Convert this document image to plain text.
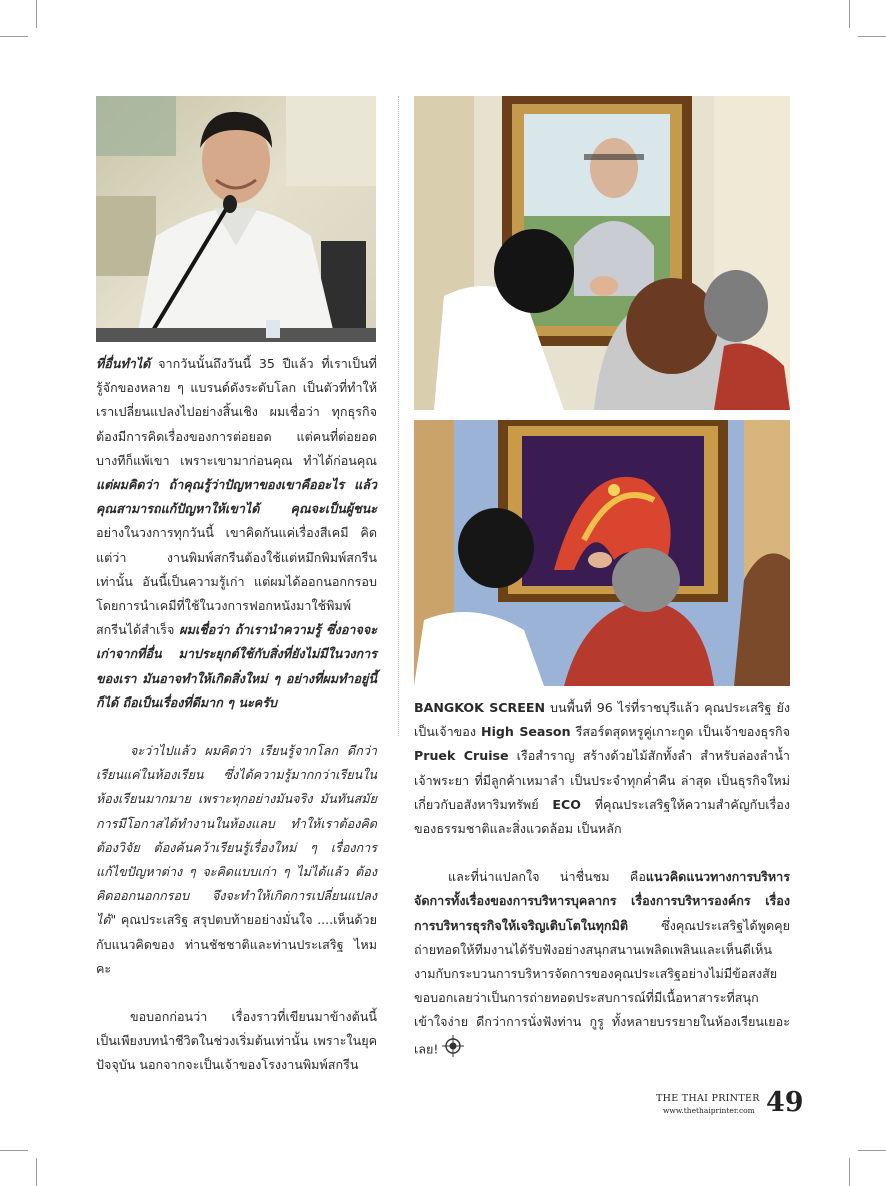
ที่อื่นทำได้ จากวันนั้นถึงวันนี้ 35 ปีแล้ว ที่เราเป็นที่รู้จักของหลาย ๆ แบรนด์ดังระดับโลก เป็นตัวที่ทำให้เราเปลี่ยนแปลงไปอย่างสิ้นเชิง ผมเชื่อว่า ทุกธุรกิจ ต้องมีการคิดเรื่องของการต่อยอด แต่คนที่ต่อยอดบางทีก็แพ้เขา เพราะเขามาก่อนคุณ ทำได้ก่อนคุณ แต่ผมคิดว่า ถ้าคุณรู้ว่าปัญหาของเขาคืออะไร แล้วคุณสามารถแก้ปัญหาให้เขาได้ คุณจะเป็นผู้ชนะ อย่างในวงการทุกวันนี้ เขาคิดกันแค่เรื่องสีเคมี คิดแต่ว่า งานพิมพ์สกรีนต้องใช้แต่หมึกพิมพ์สกรีนเท่านั้น อันนี้เป็นความรู้เก่า แต่ผมได้ออกนอกกรอบ โดยการนำเคมีที่ใช้ในวงการฟอกหนังมาใช้พิมพ์สกรีนได้สำเร็จ ผมเชื่อว่า ถ้าเรานำความรู้ ซึ่งอาจจะเก่าจากที่อื่น มาประยุกต์ใช้กับสิ่งที่ยังไม่มีในวงการของเรา มันอาจทำให้เกิดสิ่งใหม่ ๆ อย่างที่ผมทำอยู่นี้ก็ได้ ถือเป็นเรื่องที่ดีมาก ๆ นะครับ

จะว่าไปแล้ว ผมคิดว่า เรียนรู้จากโลก ดีกว่าเรียนแค่ในห้องเรียน ซึ่งได้ความรู้มากกว่าเรียนในห้องเรียนมากมาย เพราะทุกอย่างมันจริง มันทันสมัย การมีโอกาสได้ทำงานในห้องแลบ ทำให้เราต้องคิด ต้องวิจัย ต้องค้นคว้าเรียนรู้เรื่องใหม่ ๆ เรื่องการแก้ไขปัญหาต่าง ๆ จะคิดแบบเก่า ๆ ไม่ได้แล้ว ต้องคิดออกนอกกรอบ จึงจะทำให้เกิดการเปลี่ยนแปลงได้" คุณประเสริฐ สรุปตบท้ายอย่างมั่นใจ ....เห็นด้วยกับแนวคิดของ ท่านชัชชาติและท่านประเสริฐ ไหมคะ

ขอบอกก่อนว่า เรื่องราวที่เขียนมาข้างต้นนี้เป็นเพียงบทนำชีวิตในช่วงเริ่มต้นเท่านั้น เพราะในยุคปัจจุบัน นอกจากจะเป็นเจ้าของโรงงานพิมพ์สกรีน

BANGKOK SCREEN บนพื้นที่ 96 ไร่ที่ราชบุรีแล้ว คุณประเสริฐ ยังเป็นเจ้าของ High Season รีสอร์ตสุดหรูคู่เกาะกูด เป็นเจ้าของธุรกิจ Pruek Cruise เรือสำราญ สร้างด้วยไม้สักทั้งลำ สำหรับล่องลำน้ำเจ้าพระยา ที่มีลูกค้าเหมาลำ เป็นประจำทุกค่ำคืน ล่าสุด เป็นธุรกิจใหม่เกี่ยวกับอสังหาริมทรัพย์ ECO ที่คุณประเสริฐให้ความสำคัญกับเรื่องของธรรมชาติและสิ่งแวดล้อม เป็นหลัก

และที่น่าแปลกใจ น่าชื่นชม คือแนวคิดแนวทางการบริหารจัดการทั้งเรื่องของการบริหารบุคลากร เรื่องการบริหารองค์กร เรื่องการบริหารธุรกิจให้เจริญเติบโตในทุกมิติ ซึ่งคุณประเสริฐได้พูดคุยถ่ายทอดให้ทีมงานได้รับฟังอย่างสนุกสนานเพลิดเพลินและเห็นดีเห็นงามกับกระบวนการบริหารจัดการของคุณประเสริฐอย่างไม่มีข้อสงสัย ขอบอกเลยว่าเป็นการถ่ายทอดประสบการณ์ที่มีเนื้อหาสาระที่สนุก เข้าใจง่าย ดีกว่าการนั่งฟังท่าน กูรู ทั้งหลายบรรยายในห้องเรียนเยอะเลย!

THE THAI PRINTER
www.thethaiprinter.com 49
